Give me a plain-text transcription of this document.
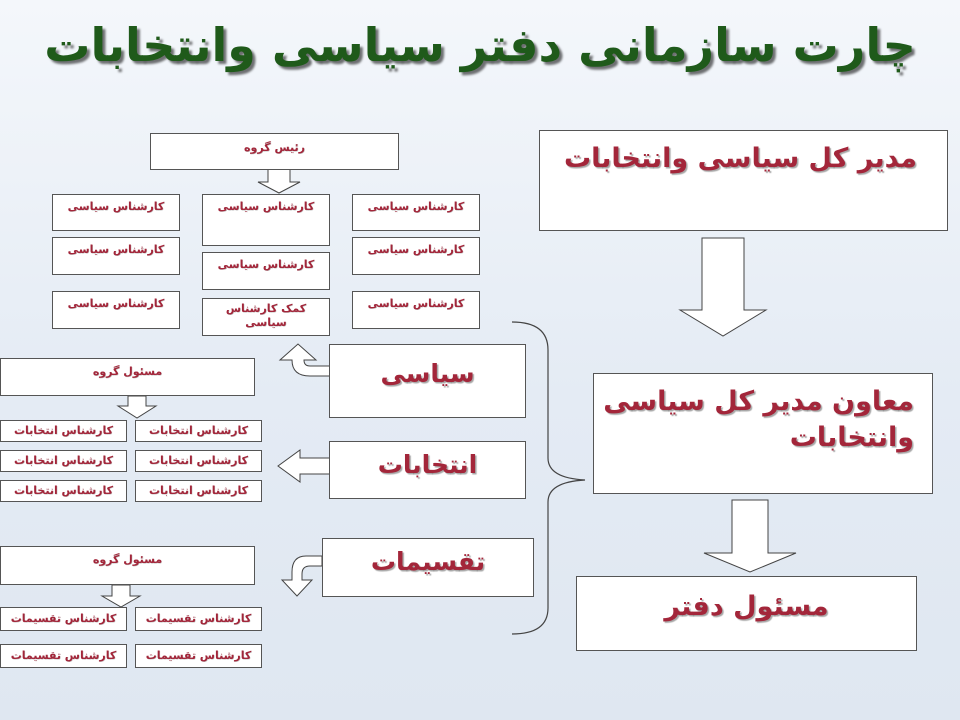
چارت سازمانی دفتر سیاسی وانتخابات
مدیر کل سیاسی وانتخابات
معاون مدیر کل سیاسی وانتخابات
مسئول دفتر
سیاسی
انتخابات
تقسیمات
رئیس گروه
کارشناس سیاسی
کارشناس سیاسی
کارشناس سیاسی
کارشناس سیاسی
کارشناس سیاسی
کمک کارشناس سیاسی
کارشناس سیاسی
کارشناس سیاسی
کارشناس سیاسی
مسئول گروه
کارشناس انتخابات
کارشناس انتخابات
کارشناس انتخابات
کارشناس انتخابات
کارشناس انتخابات
کارشناس انتخابات
مسئول گروه
کارشناس تقسیمات
کارشناس تقسیمات
کارشناس تقسیمات
کارشناس تقسیمات
